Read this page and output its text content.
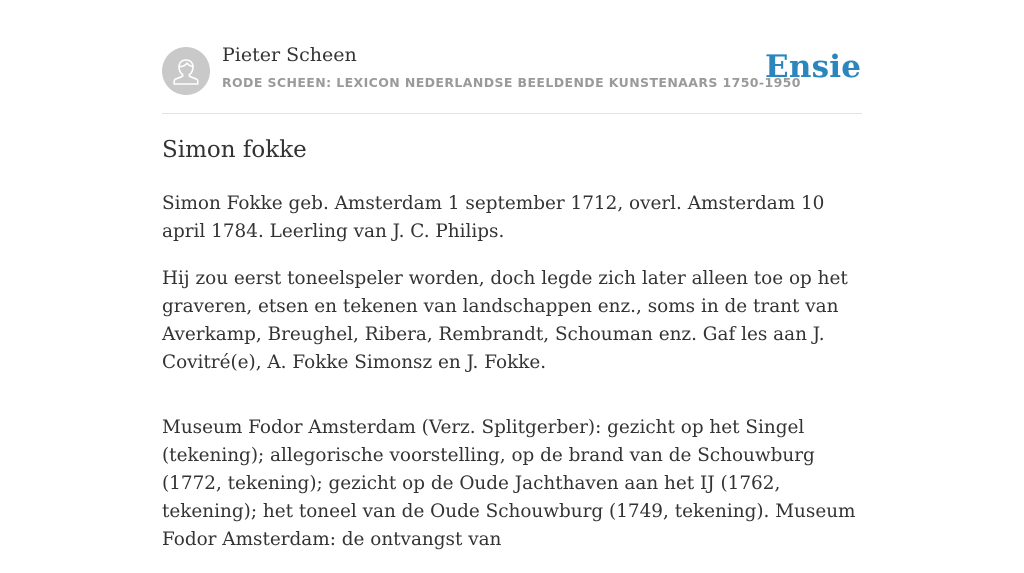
Pieter Scheen
RODE SCHEEN: LEXICON NEDERLANDSE BEELDENDE KUNSTENAARS 1750-1950
Ensie
Simon fokke

Simon Fokke geb. Amsterdam 1 september 1712, overl. Amsterdam 10 april 1784. Leerling van J. C. Philips.

Hij zou eerst toneelspeler worden, doch legde zich later alleen toe op het graveren, etsen en tekenen van landschappen enz., soms in de trant van Averkamp, Breughel, Ribera, Rembrandt, Schouman enz. Gaf les aan J. Covitré(e), A. Fokke Simonsz en J. Fokke.

Museum Fodor Amsterdam (Verz. Splitgerber): gezicht op het Singel (tekening); allegorische voorstelling, op de brand van de Schouwburg (1772, tekening); gezicht op de Oude Jachthaven aan het IJ (1762, tekening); het toneel van de Oude Schouwburg (1749, tekening). Museum Fodor Amsterdam: de ontvangst van
